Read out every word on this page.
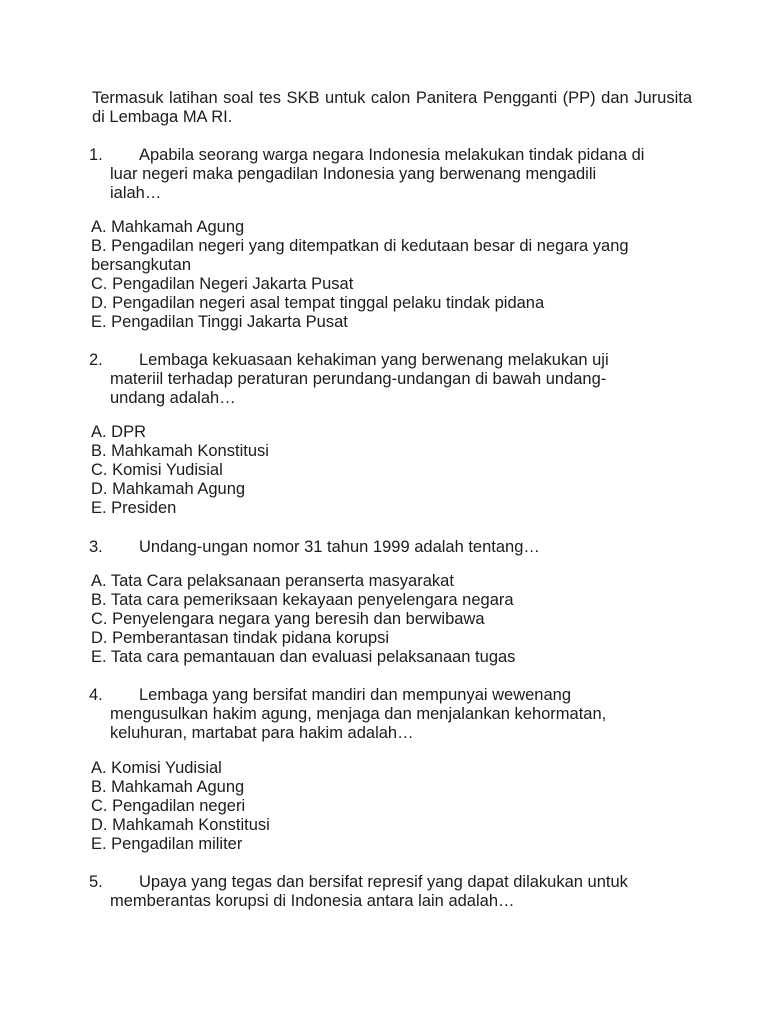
Termasuk latihan soal tes SKB untuk calon Panitera Pengganti (PP) dan Jurusita di Lembaga MA RI.
1.	Apabila seorang warga negara Indonesia melakukan tindak pidana di
luar negeri maka pengadilan Indonesia yang berwenang mengadili
ialah…
A. Mahkamah Agung
B. Pengadilan negeri yang ditempatkan di kedutaan besar di negara yang
bersangkutan
C. Pengadilan Negeri Jakarta Pusat
D. Pengadilan negeri asal tempat tinggal pelaku tindak pidana
E. Pengadilan Tinggi Jakarta Pusat
2.	Lembaga kekuasaan kehakiman yang berwenang melakukan uji
materiil terhadap peraturan perundang-undangan di bawah undang-
undang adalah…
A. DPR
B. Mahkamah Konstitusi
C. Komisi Yudisial
D. Mahkamah Agung
E. Presiden
3.	Undang-ungan nomor 31 tahun 1999 adalah tentang…
A. Tata Cara pelaksanaan peranserta masyarakat
B. Tata cara pemeriksaan kekayaan penyelengara negara
C. Penyelengara negara yang beresih dan berwibawa
D. Pemberantasan tindak pidana korupsi
E. Tata cara pemantauan dan evaluasi pelaksanaan tugas
4.	Lembaga yang bersifat mandiri dan mempunyai wewenang
mengusulkan hakim agung, menjaga dan menjalankan kehormatan,
keluhuran, martabat para hakim adalah…
A. Komisi Yudisial
B. Mahkamah Agung
C. Pengadilan negeri
D. Mahkamah Konstitusi
E. Pengadilan militer
5.	Upaya yang tegas dan bersifat represif yang dapat dilakukan untuk
memberantas korupsi di Indonesia antara lain adalah…
